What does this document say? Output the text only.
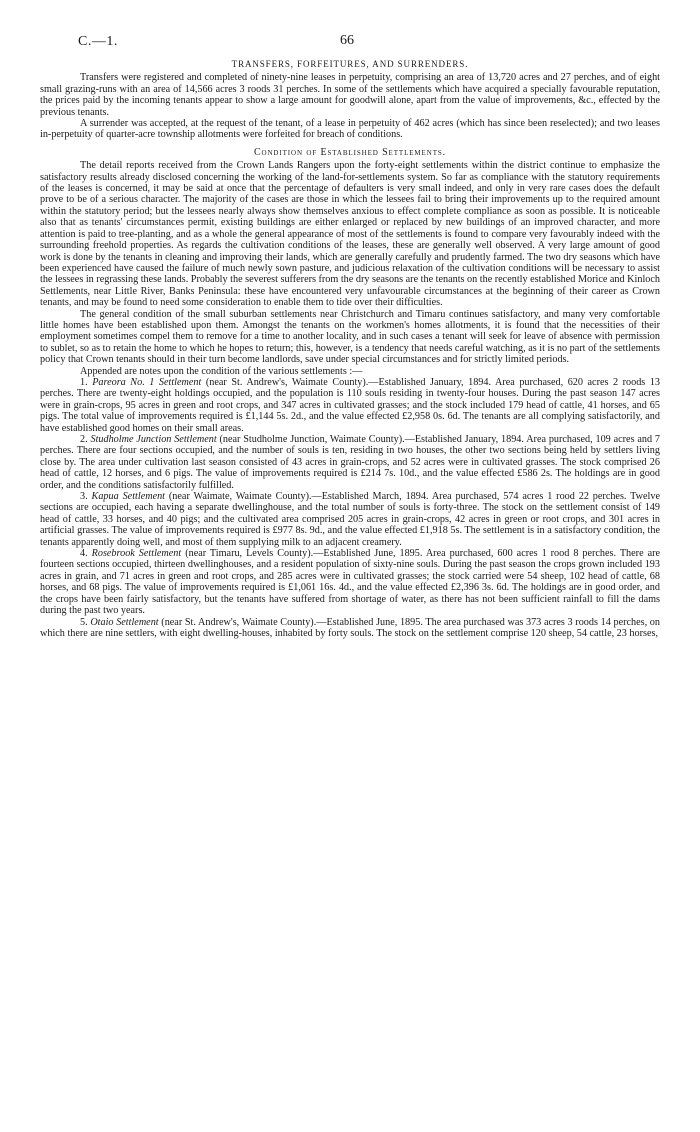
C.—1.	66
TRANSFERS, FORFEITURES, AND SURRENDERS.

Transfers were registered and completed of ninety-nine leases in perpetuity, comprising an area of 13,720 acres and 27 perches, and of eight small grazing-runs with an area of 14,566 acres 3 roods 31 perches. In some of the settlements which have acquired a specially favourable reputation, the prices paid by the incoming tenants appear to show a large amount for goodwill alone, apart from the value of improvements, &c., effected by the previous tenants.

A surrender was accepted, at the request of the tenant, of a lease in perpetuity of 462 acres (which has since been reselected); and two leases in-perpetuity of quarter-acre township allotments were forfeited for breach of conditions.

Condition of Established Settlements.

The detail reports received from the Crown Lands Rangers upon the forty-eight settlements within the district continue to emphasize the satisfactory results already disclosed concerning the working of the land-for-settlements system. So far as compliance with the statutory requirements of the leases is concerned, it may be said at once that the percentage of defaulters is very small indeed, and only in very rare cases does the default prove to be of a serious character. The majority of the cases are those in which the lessees fail to bring their improvements up to the required amount within the statutory period; but the lessees nearly always show themselves anxious to effect complete compliance as soon as possible. It is noticeable also that as tenants' circumstances permit, existing buildings are either enlarged or replaced by new buildings of an improved character, and more attention is paid to tree-planting, and as a whole the general appearance of most of the settlements is found to compare very favourably indeed with the surrounding freehold properties. As regards the cultivation conditions of the leases, these are generally well observed. A very large amount of good work is done by the tenants in cleaning and improving their lands, which are generally carefully and prudently farmed. The two dry seasons which have been experienced have caused the failure of much newly sown pasture, and judicious relaxation of the cultivation conditions will be necessary to assist the lessees in regrassing these lands. Probably the severest sufferers from the dry seasons are the tenants on the recently established Morice and Kinloch Settlements, near Little River, Banks Peninsula: these have encountered very unfavourable circumstances at the beginning of their career as Crown tenants, and may be found to need some consideration to enable them to tide over their difficulties.

The general condition of the small suburban settlements near Christchurch and Timaru continues satisfactory, and many very comfortable little homes have been established upon them. Amongst the tenants on the workmen's homes allotments, it is found that the necessities of their employment sometimes compel them to remove for a time to another locality, and in such cases a tenant will seek for leave of absence with permission to sublet, so as to retain the home to which he hopes to return; this, however, is a tendency that needs careful watching, as it is no part of the settlements policy that Crown tenants should in their turn become landlords, save under special circumstances and for strictly limited periods.

Appended are notes upon the condition of the various settlements :—

1. Pareora No. 1 Settlement (near St. Andrew's, Waimate County).—Established January, 1894. Area purchased, 620 acres 2 roods 13 perches. There are twenty-eight holdings occupied, and the population is 110 souls residing in twenty-four houses. During the past season 147 acres were in grain-crops, 95 acres in green and root crops, and 347 acres in cultivated grasses; and the stock included 179 head of cattle, 41 horses, and 65 pigs. The total value of improvements required is £1,144 5s. 2d., and the value effected £2,958 0s. 6d. The tenants are all complying satisfactorily, and have established good homes on their small areas.

2. Studholme Junction Settlement (near Studholme Junction, Waimate County).—Established January, 1894. Area purchased, 109 acres and 7 perches. There are four sections occupied, and the number of souls is ten, residing in two houses, the other two sections being held by settlers living close by. The area under cultivation last season consisted of 43 acres in grain-crops, and 52 acres were in cultivated grasses. The stock comprised 26 head of cattle, 12 horses, and 6 pigs. The value of improvements required is £214 7s. 10d., and the value effected £586 2s. The holdings are in good order, and the conditions satisfactorily fulfilled.

3. Kapua Settlement (near Waimate, Waimate County).—Established March, 1894. Area purchased, 574 acres 1 rood 22 perches. Twelve sections are occupied, each having a separate dwellinghouse, and the total number of souls is forty-three. The stock on the settlement consist of 149 head of cattle, 33 horses, and 40 pigs; and the cultivated area comprised 205 acres in grain-crops, 42 acres in green or root crops, and 301 acres in artificial grasses. The value of improvements required is £977 8s. 9d., and the value effected £1,918 5s. The settlement is in a satisfactory condition, the tenants apparently doing well, and most of them supplying milk to an adjacent creamery.

4. Rosebrook Settlement (near Timaru, Levels County).—Established June, 1895. Area purchased, 600 acres 1 rood 8 perches. There are fourteen sections occupied, thirteen dwellinghouses, and a resident population of sixty-nine souls. During the past season the crops grown included 193 acres in grain, and 71 acres in green and root crops, and 285 acres were in cultivated grasses; the stock carried were 54 sheep, 102 head of cattle, 68 horses, and 68 pigs. The value of improvements required is £1,061 16s. 4d., and the value effected £2,396 3s. 6d. The holdings are in good order, and the crops have been fairly satisfactory, but the tenants have suffered from shortage of water, as there has not been sufficient rainfall to fill the dams during the past two years.

5. Otaio Settlement (near St. Andrew's, Waimate County).—Established June, 1895. The area purchased was 373 acres 3 roods 14 perches, on which there are nine settlers, with eight dwelling-houses, inhabited by forty souls. The stock on the settlement comprise 120 sheep, 54 cattle, 23 horses,
